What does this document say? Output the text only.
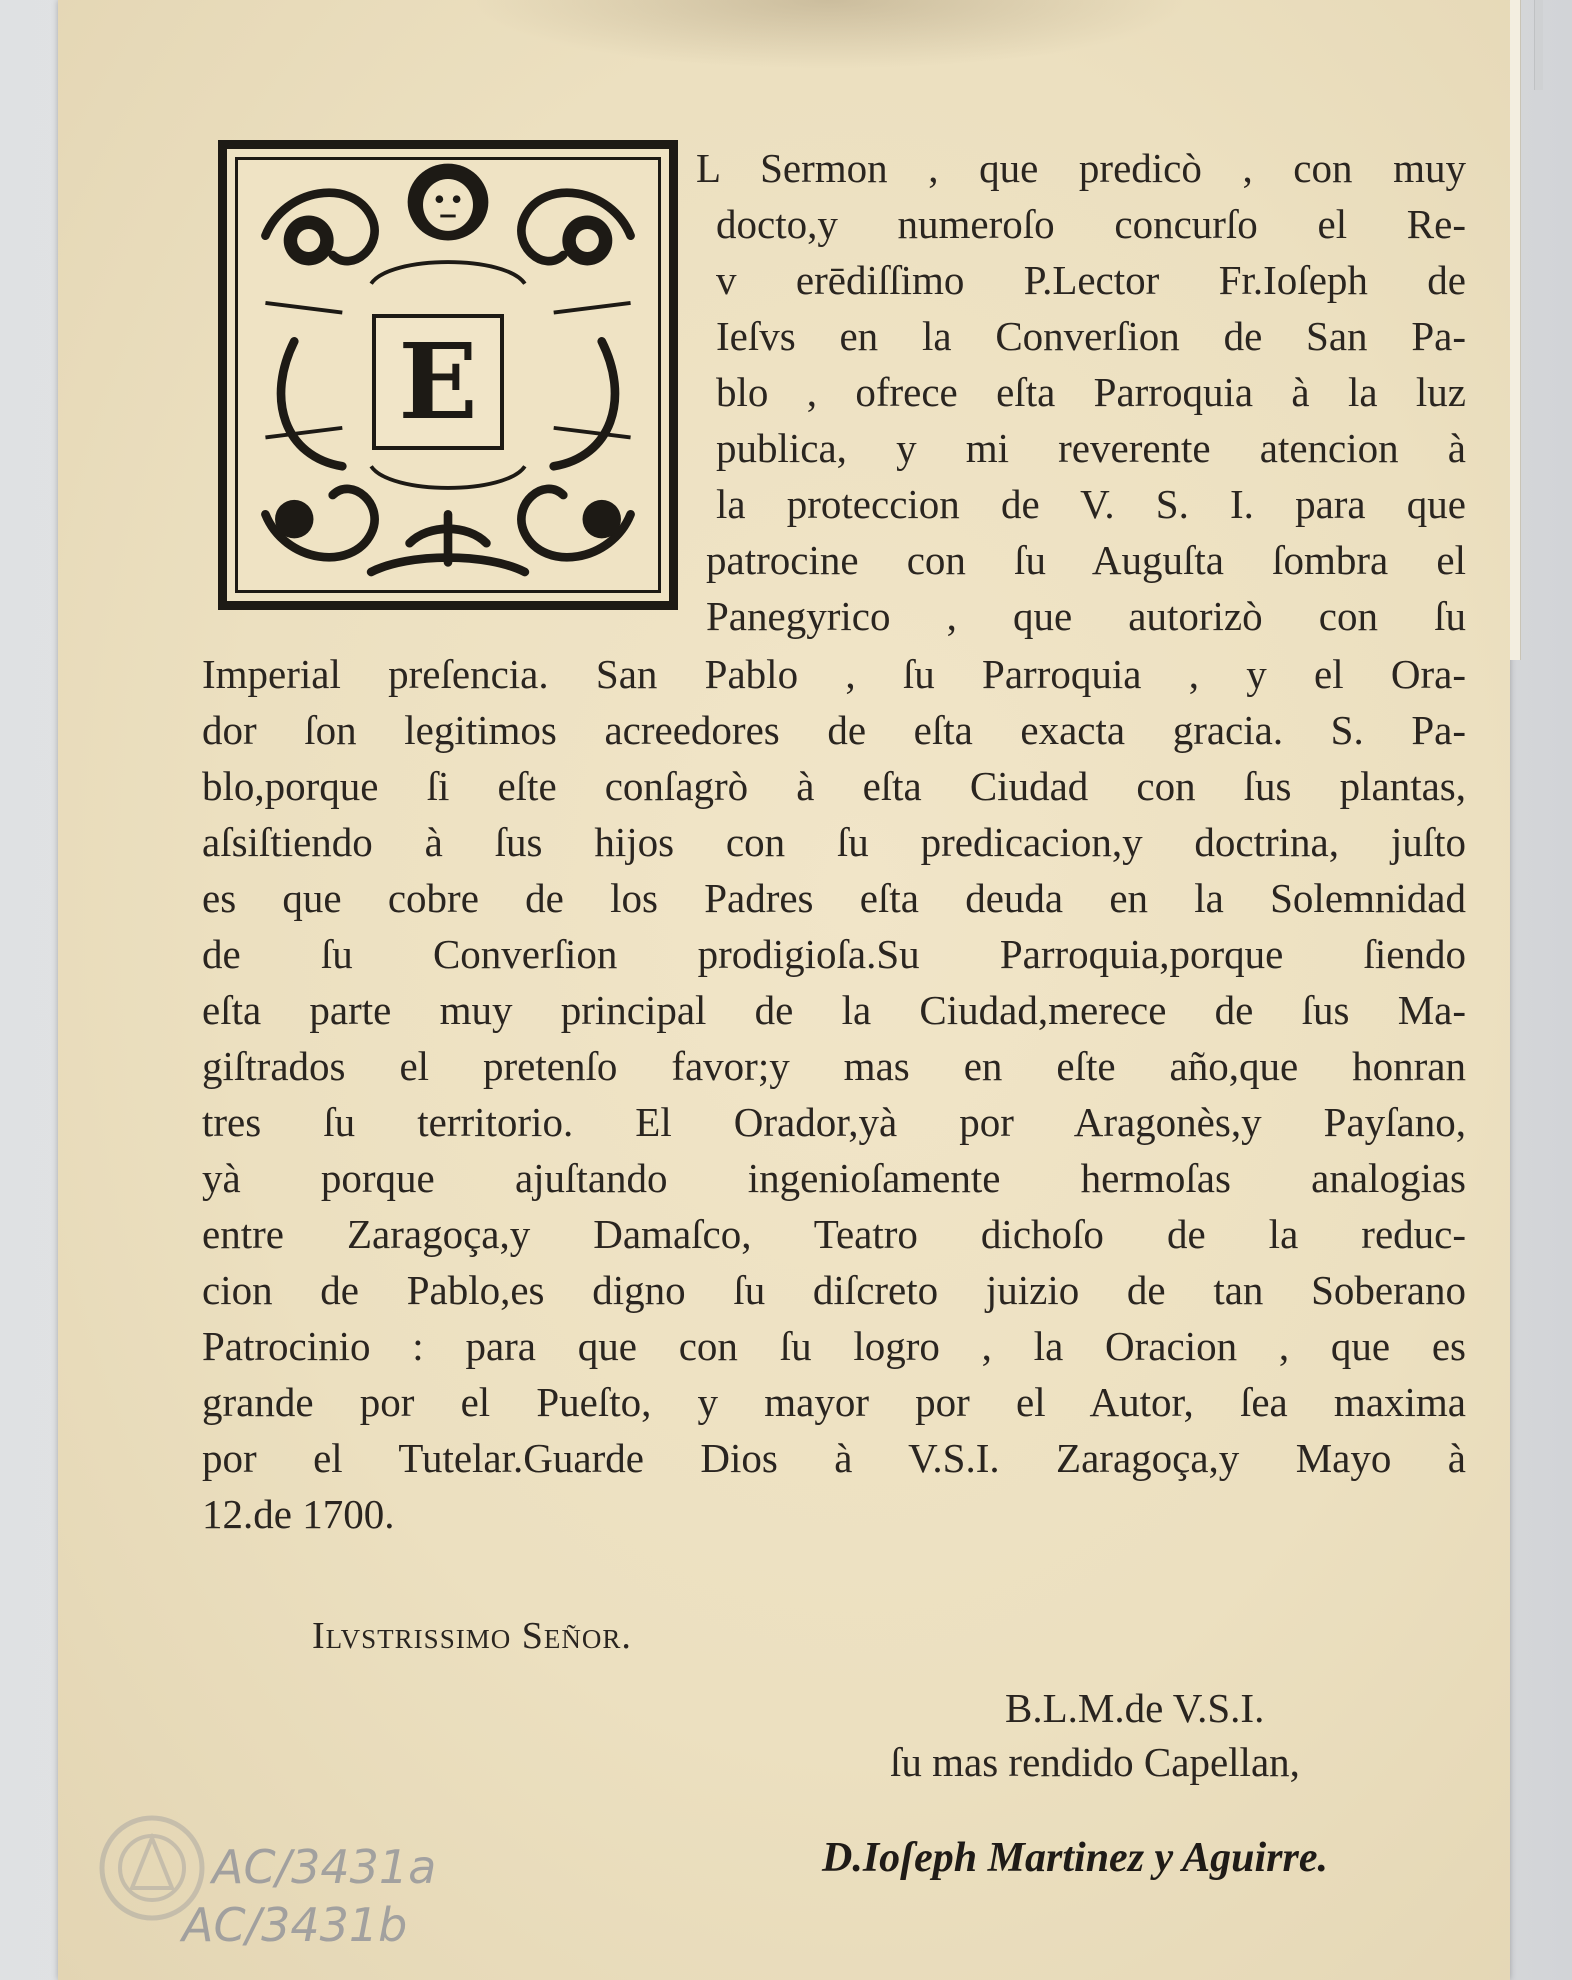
E
L Sermon , que predicò , con muy
docto,y numeroſo concurſo el Re-
v erēdiſſimo P.Lector Fr.Ioſeph de
Ieſvs en la Converſion de San Pa-
blo , ofrece eſta Parroquia à la luz
publica, y mi reverente atencion à
la proteccion de V. S. I. para que
patrocine con ſu Auguſta ſombra el
Panegyrico , que autorizò con ſu
Imperial preſencia. San Pablo , ſu Parroquia , y el Ora-
dor ſon legitimos acreedores de eſta exacta gracia. S. Pa-
blo,porque ſi eſte conſagrò à eſta Ciudad con ſus plantas,
aſsiſtiendo à ſus hijos con ſu predicacion,y doctrina, juſto
es que cobre de los Padres eſta deuda en la Solemnidad
de ſu Converſion prodigioſa.Su Parroquia,porque ſiendo
eſta parte muy principal de la Ciudad,merece de ſus Ma-
giſtrados el pretenſo favor;y mas en eſte año,que honran
tres ſu territorio. El Orador,yà por Aragonès,y Payſano,
yà porque ajuſtando ingenioſamente hermoſas analogias
entre Zaragoça,y Damaſco, Teatro dichoſo de la reduc-
cion de Pablo,es digno ſu diſcreto juizio de tan Soberano
Patrocinio : para que con ſu logro , la Oracion , que es
grande por el Pueſto, y mayor por el Autor, ſea maxima
por el Tutelar.Guarde Dios à V.S.I. Zaragoça,y Mayo à
12.de 1700.
Ilvstrissimo Señor.
B.L.M.de V.S.I.
ſu mas rendido Capellan,
D.Ioſeph Martinez y Aguirre.
AC/3431a
AC/3431b
